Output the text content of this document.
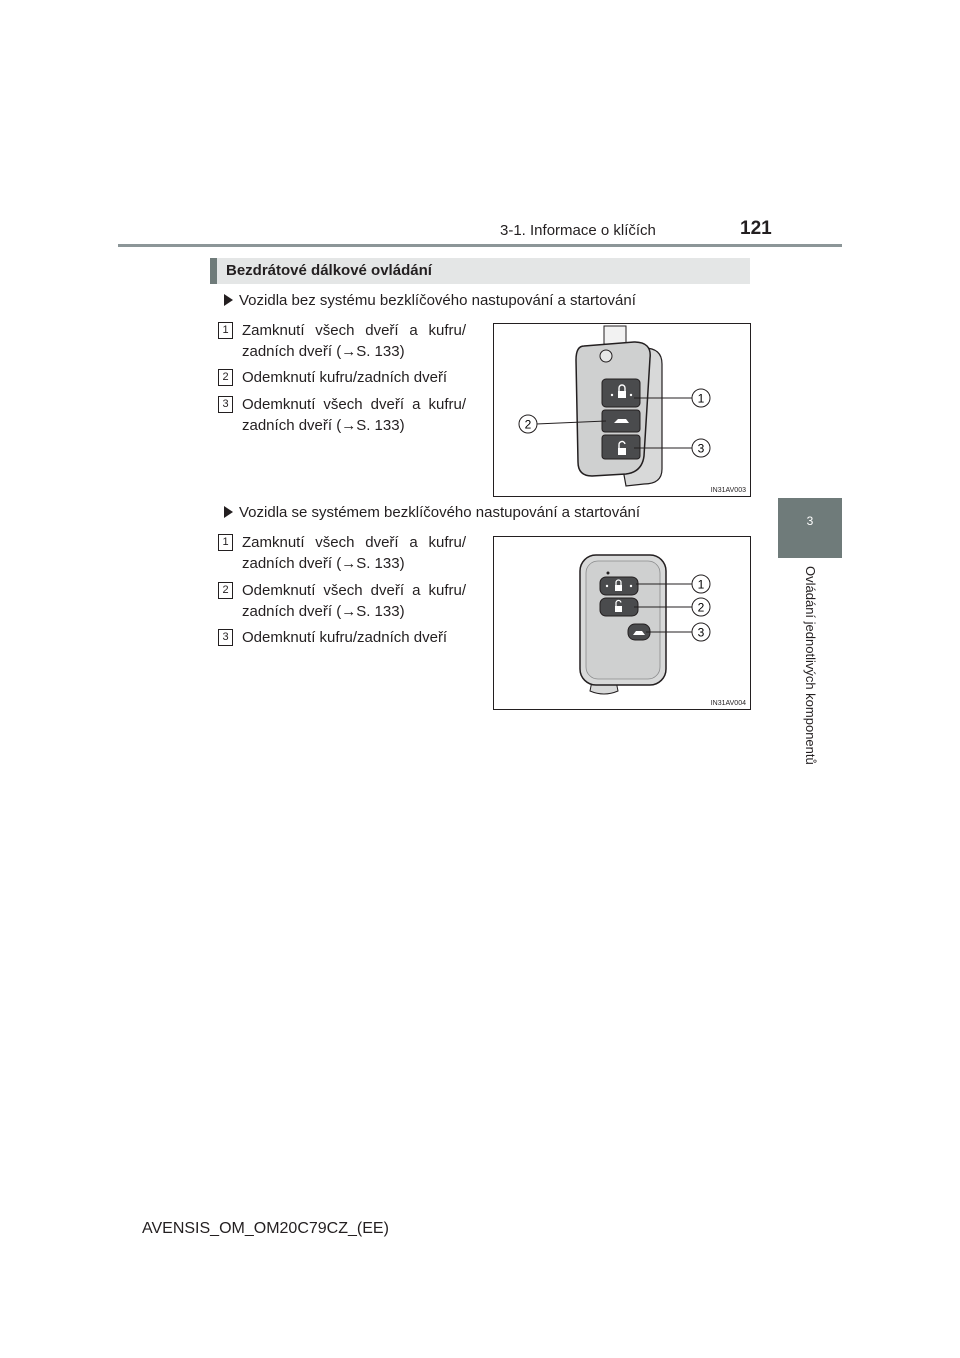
3-1. Informace o klíčích	121
3
Ovládání jednotlivých komponentů
Bezdrátové dálkové ovládání
Vozidla bez systému bezklíčového nastupování a startování
1 Zamknutí všech dveří a kufru/ zadních dveří (→S. 133)
2 Odemknutí kufru/zadních dveří
3 Odemknutí všech dveří a kufru/ zadních dveří (→S. 133)
1
2
3
IN31AV003
Vozidla se systémem bezklíčového nastupování a startování
1 Zamknutí všech dveří a kufru/ zadních dveří (→S. 133)
2 Odemknutí všech dveří a kufru/ zadních dveří (→S. 133)
3 Odemknutí kufru/zadních dveří
1
2
3
IN31AV004
AVENSIS_OM_OM20C79CZ_(EE)
